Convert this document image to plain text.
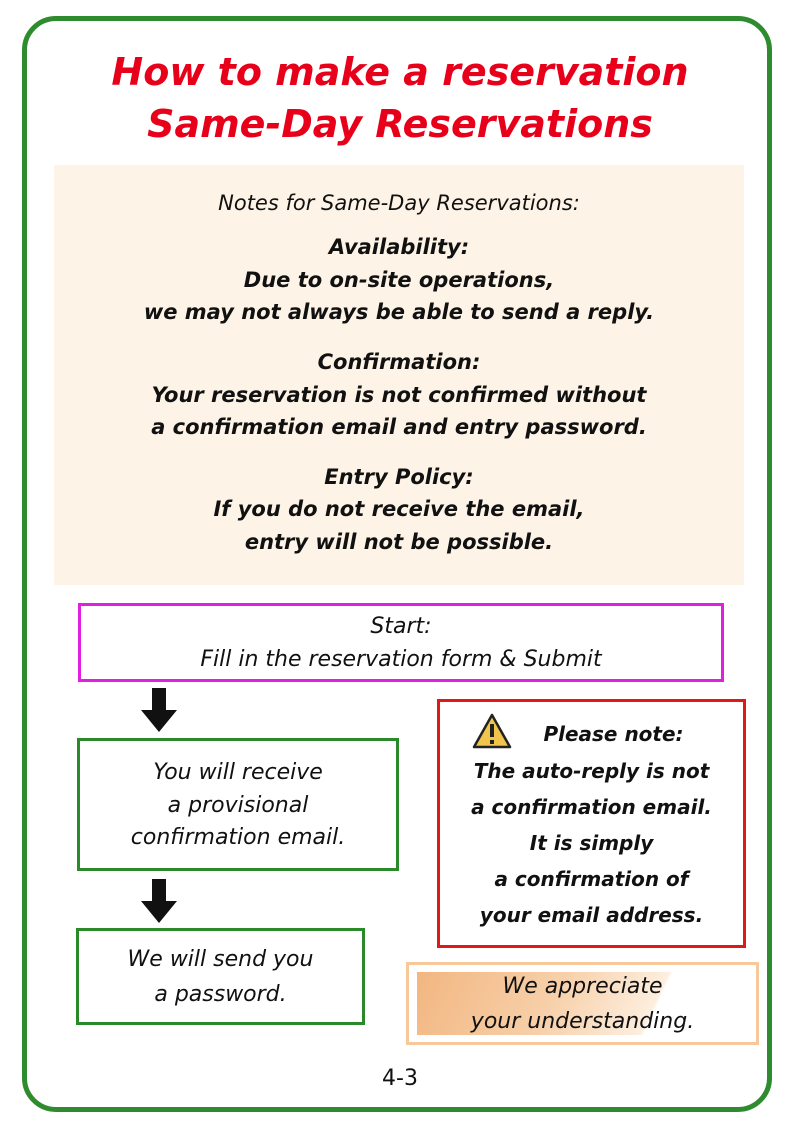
How to make a reservation
Same-Day Reservations
Notes for Same-Day Reservations:
Availability:
Due to on-site operations,
we may not always be able to send a reply.
Confirmation:
Your reservation is not confirmed without
a confirmation email and entry password.
Entry Policy:
If you do not receive the email,
entry will not be possible.
Start:
Fill in the reservation form & Submit
You will receive
a provisional
confirmation email.
We will send you
a password.
Please note:
The auto-reply is not
a confirmation email.
It is simply
a confirmation of
your email address.
We appreciate
your understanding.
4-3
